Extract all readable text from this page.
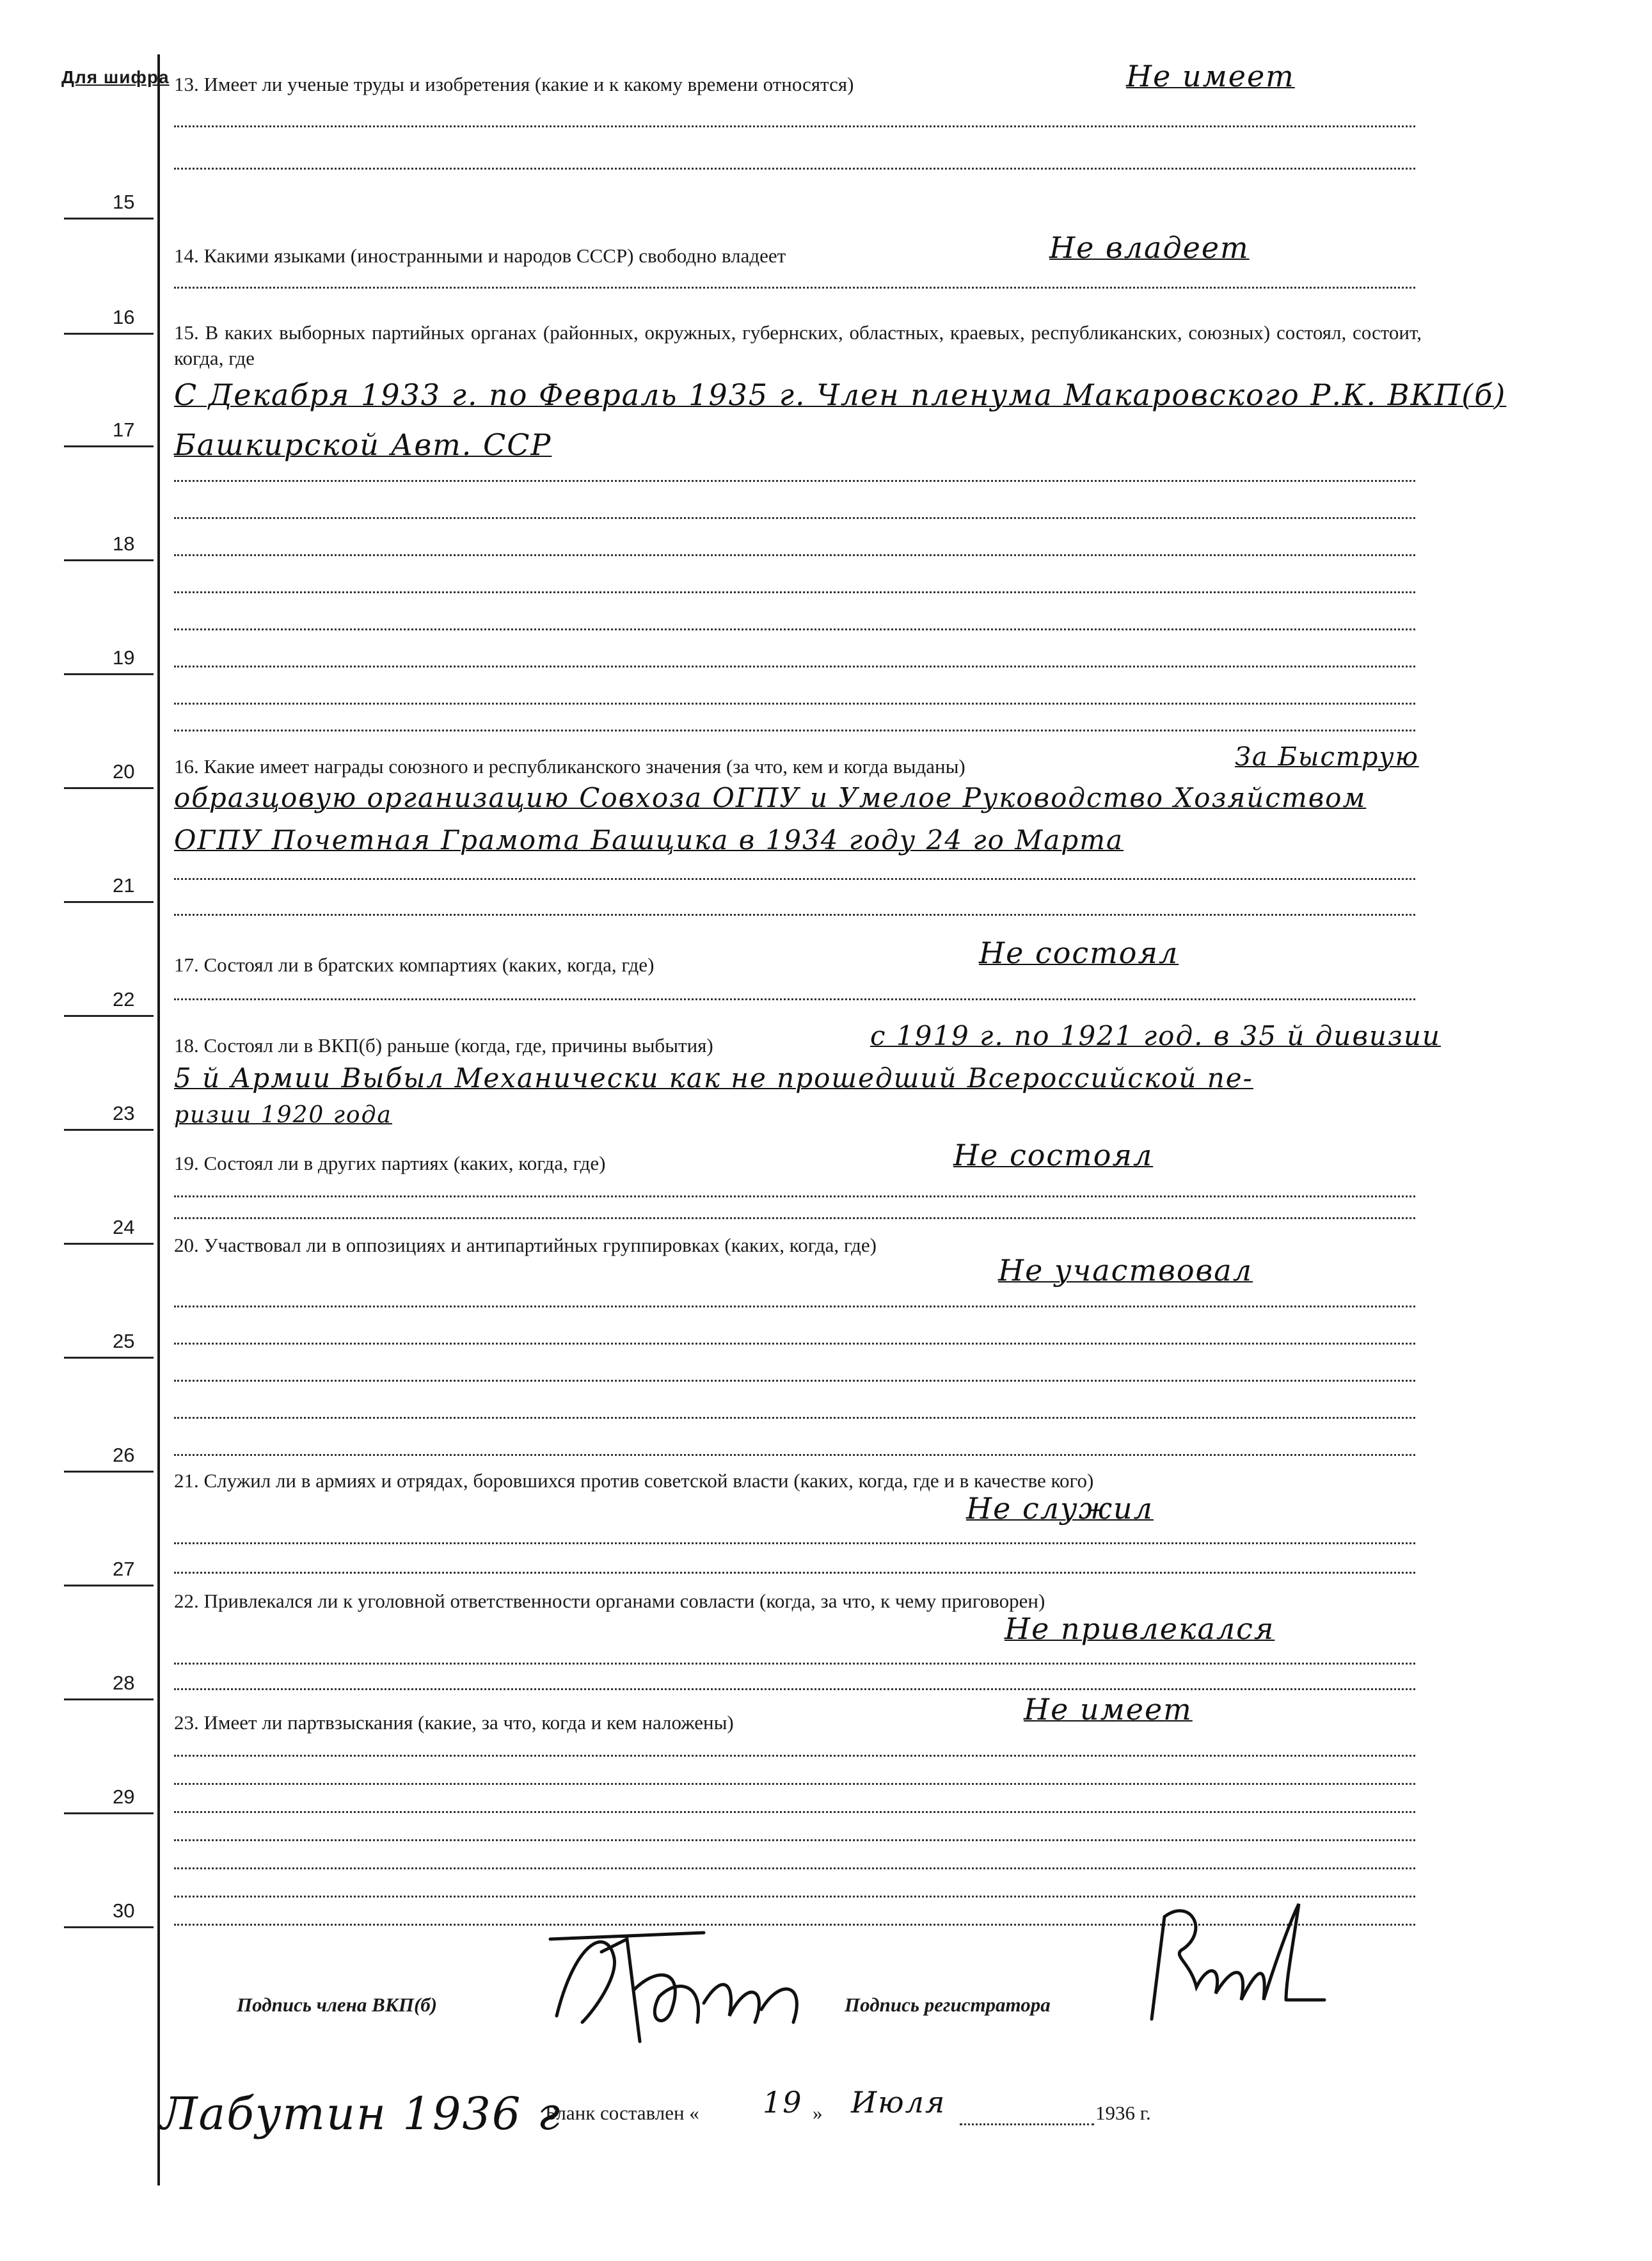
Для шифра
15
16
17
18
19
20
21
22
23
24
25
26
27
28
29
30
13. Имеет ли ученые труды и изобретения (какие и к какому времени относятся)	Не имеет
14. Какими языками (иностранными и народов СССР) свободно владеет	Не владеет
15. В каких выборных партийных органах (районных, окружных, губернских, областных, краевых, республиканских, союзных) состоял, состоит, когда, где
С Декабря 1933 г. по Февраль 1935 г. Член пленума Макаровского Р.К. ВКП(б)
Башкирской Авт. ССР
16. Какие имеет награды союзного и республиканского значения (за что, кем и когда выданы)	За Быструю
образцовую организацию Совхоза ОГПУ и Умелое Руководство Хозяйством
ОГПУ Почетная Грамота Башцика в 1934 году 24 го Марта
17. Состоял ли в братских компартиях (каких, когда, где)	Не состоял
18. Состоял ли в ВКП(б) раньше (когда, где, причины выбытия)	с 1919 г. по 1921 год. в 35 й дивизии
5 й Армии Выбыл Механически как не прошедший Всероссийской пе-
ризии 1920 года
19. Состоял ли в других партиях (каких, когда, где)	Не состоял
20. Участвовал ли в оппозициях и антипартийных группировках (каких, когда, где)
Не участвовал
21. Служил ли в армиях и отрядах, боровшихся против советской власти (каких, когда, где и в качестве кого)
Не служил
22. Привлекался ли к уголовной ответственности органами совласти (когда, за что, к чему приговорен)
Не привлекался
23. Имеет ли партвзыскания (какие, за что, когда и кем наложены)	Не имеет
Подпись члена ВКП(б)	Подпись регистратора
Бланк составлен « 19 » Июля	1936 г.
Лабутин 1936 г
